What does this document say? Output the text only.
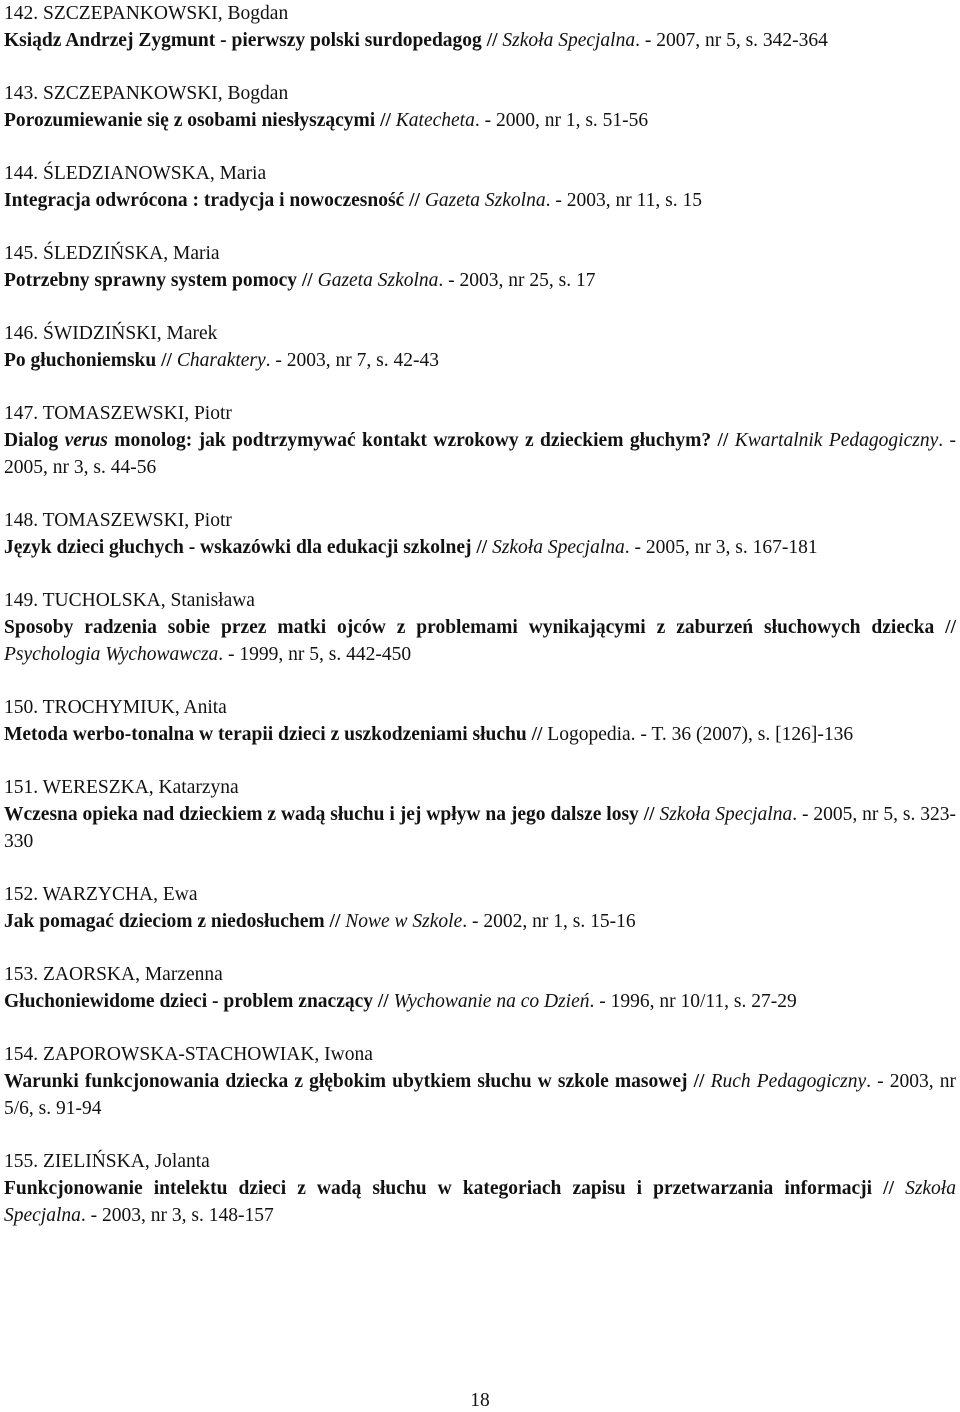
142. SZCZEPANKOWSKI, Bogdan
Ksiądz Andrzej Zygmunt - pierwszy polski surdopedagog // Szkoła Specjalna. - 2007, nr 5, s. 342-364
143. SZCZEPANKOWSKI, Bogdan
Porozumiewanie się z osobami niesłyszącymi // Katecheta. - 2000, nr 1, s. 51-56
144. ŚLEDZIANOWSKA, Maria
Integracja odwrócona : tradycja i nowoczesność // Gazeta Szkolna. - 2003, nr 11, s. 15
145. ŚLEDZIŃSKA, Maria
Potrzebny sprawny system pomocy // Gazeta Szkolna. - 2003, nr 25, s. 17
146. ŚWIDZIŃSKI, Marek
Po głuchoniemsku // Charaktery. - 2003, nr 7, s. 42-43
147. TOMASZEWSKI, Piotr
Dialog verus monolog: jak podtrzymywać kontakt wzrokowy z dzieckiem głuchym? // Kwartalnik Pedagogiczny. - 2005, nr 3, s. 44-56
148. TOMASZEWSKI, Piotr
Język dzieci głuchych - wskazówki dla edukacji szkolnej // Szkoła Specjalna. - 2005, nr 3, s. 167-181
149. TUCHOLSKA, Stanisława
Sposoby radzenia sobie przez matki ojców z problemami wynikającymi z zaburzeń słuchowych dziecka // Psychologia Wychowawcza. - 1999, nr 5, s. 442-450
150. TROCHYMIUK, Anita
Metoda werbo-tonalna w terapii dzieci z uszkodzeniami słuchu // Logopedia. - T. 36 (2007), s. [126]-136
151. WERESZKA, Katarzyna
Wczesna opieka nad dzieckiem z wadą słuchu i jej wpływ na jego dalsze losy // Szkoła Specjalna. - 2005, nr 5, s. 323-330
152. WARZYCHA, Ewa
Jak pomagać dzieciom z niedosłuchem // Nowe w Szkole. - 2002, nr 1, s. 15-16
153. ZAORSKA, Marzenna
Głuchoniewidome dzieci - problem znaczący // Wychowanie na co Dzień. - 1996, nr 10/11, s. 27-29
154. ZAPOROWSKA-STACHOWIAK, Iwona
Warunki funkcjonowania dziecka z głębokim ubytkiem słuchu w szkole masowej // Ruch Pedagogiczny. - 2003, nr 5/6, s. 91-94
155. ZIELIŃSKA, Jolanta
Funkcjonowanie intelektu dzieci z wadą słuchu w kategoriach zapisu i przetwarzania informacji // Szkoła Specjalna. - 2003, nr 3, s. 148-157
18
